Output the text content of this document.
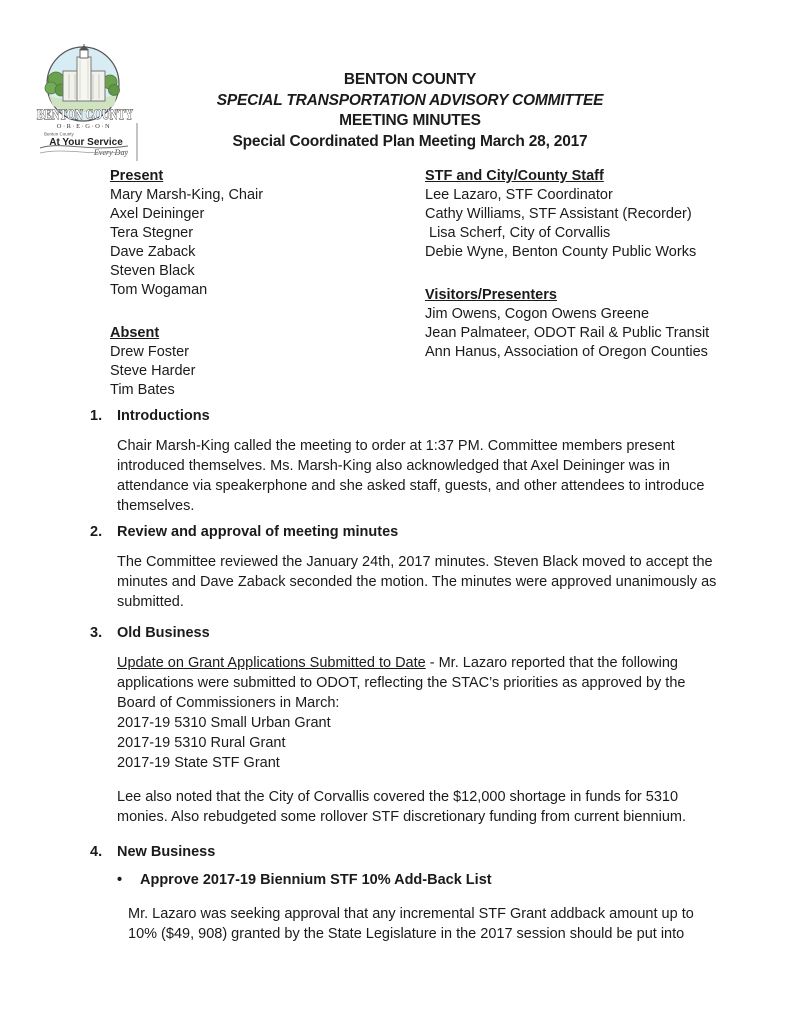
BENTON COUNTY
O·R·E·G·O·N
Benton County
At Your Service
Every Day
BENTON COUNTY
SPECIAL TRANSPORTATION ADVISORY COMMITTEE
MEETING MINUTES
Special Coordinated Plan Meeting March 28, 2017
Present
Mary Marsh-King, Chair
Axel Deininger
Tera Stegner
Dave Zaback
Steven Black
Tom Wogaman
Absent
Drew Foster
Steve Harder
Tim Bates
STF and City/County Staff
Lee Lazaro, STF Coordinator
Cathy Williams, STF Assistant (Recorder)
Lisa Scherf, City of Corvallis
Debie Wyne, Benton County Public Works
Visitors/Presenters
Jim Owens, Cogon Owens Greene
Jean Palmateer, ODOT Rail & Public Transit
Ann Hanus, Association of Oregon Counties
1.	Introductions
Chair Marsh-King called the meeting to order at 1:37 PM. Committee members present introduced themselves. Ms. Marsh-King also acknowledged that Axel Deininger was in attendance via speakerphone and she asked staff, guests, and other attendees to introduce themselves.
2.	Review and approval of meeting minutes
The Committee reviewed the January 24th, 2017 minutes. Steven Black moved to accept the minutes and Dave Zaback seconded the motion. The minutes were approved unanimously as submitted.
3.	Old Business
Update on Grant Applications Submitted to Date - Mr. Lazaro reported that the following applications were submitted to ODOT, reflecting the STAC’s priorities as approved by the Board of Commissioners in March:
2017-19 5310 Small Urban Grant
2017-19 5310 Rural Grant
2017-19 State STF Grant
Lee also noted that the City of Corvallis covered the $12,000 shortage in funds for 5310 monies. Also rebudgeted some rollover STF discretionary funding from current biennium.
4.	New Business
•	Approve 2017-19 Biennium STF 10% Add-Back List
Mr. Lazaro was seeking approval that any incremental STF Grant addback amount up to 10% ($49, 908) granted by the State Legislature in the 2017 session should be put into
